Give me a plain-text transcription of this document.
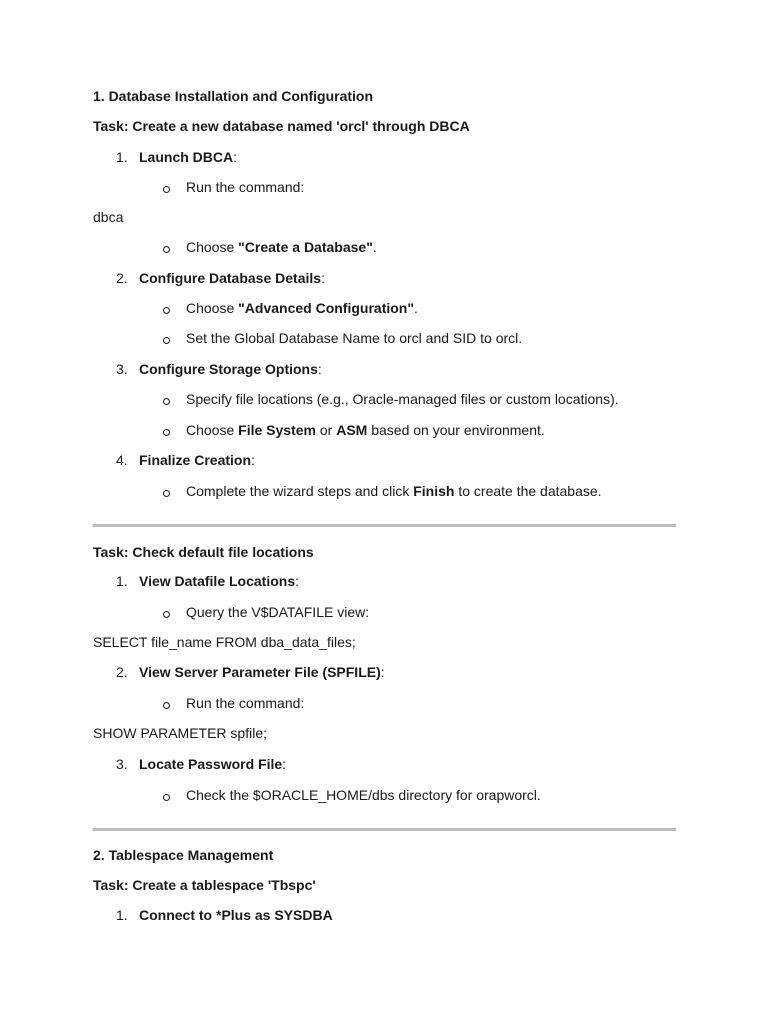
1. Database Installation and Configuration
Task: Create a new database named 'orcl' through DBCA
1. Launch DBCA:
Run the command:
dbca
Choose "Create a Database".
2. Configure Database Details:
Choose "Advanced Configuration".
Set the Global Database Name to orcl and SID to orcl.
3. Configure Storage Options:
Specify file locations (e.g., Oracle-managed files or custom locations).
Choose File System or ASM based on your environment.
4. Finalize Creation:
Complete the wizard steps and click Finish to create the database.
Task: Check default file locations
1. View Datafile Locations:
Query the V$DATAFILE view:
SELECT file_name FROM dba_data_files;
2. View Server Parameter File (SPFILE):
Run the command:
SHOW PARAMETER spfile;
3. Locate Password File:
Check the $ORACLE_HOME/dbs directory for orapworcl.
2. Tablespace Management
Task: Create a tablespace 'Tbspc'
1. Connect to *Plus as SYSDBA
